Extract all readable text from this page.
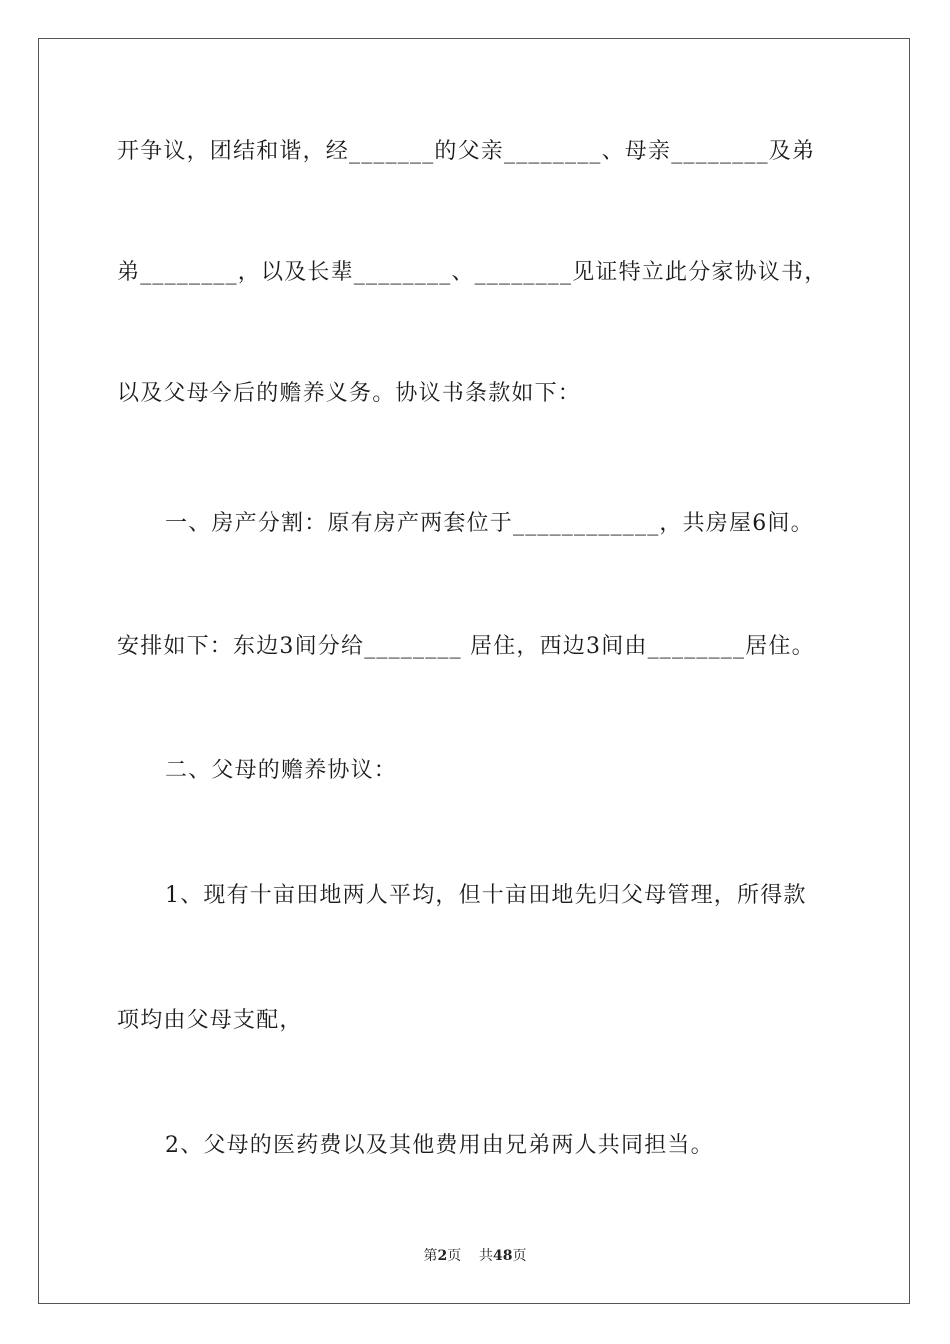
开争议，团结和谐，经_______的父亲________、母亲________及弟
弟________，以及长辈________、________见证特立此分家协议书，
以及父母今后的赡养义务。协议书条款如下：
一、房产分割：原有房产两套位于____________，共房屋6间。
安排如下：东边3间分给________ 居住，西边3间由________居住。
二、父母的赡养协议：
1、现有十亩田地两人平均，但十亩田地先归父母管理，所得款
项均由父母支配，
2、父母的医药费以及其他费用由兄弟两人共同担当。
第2页 共48页
